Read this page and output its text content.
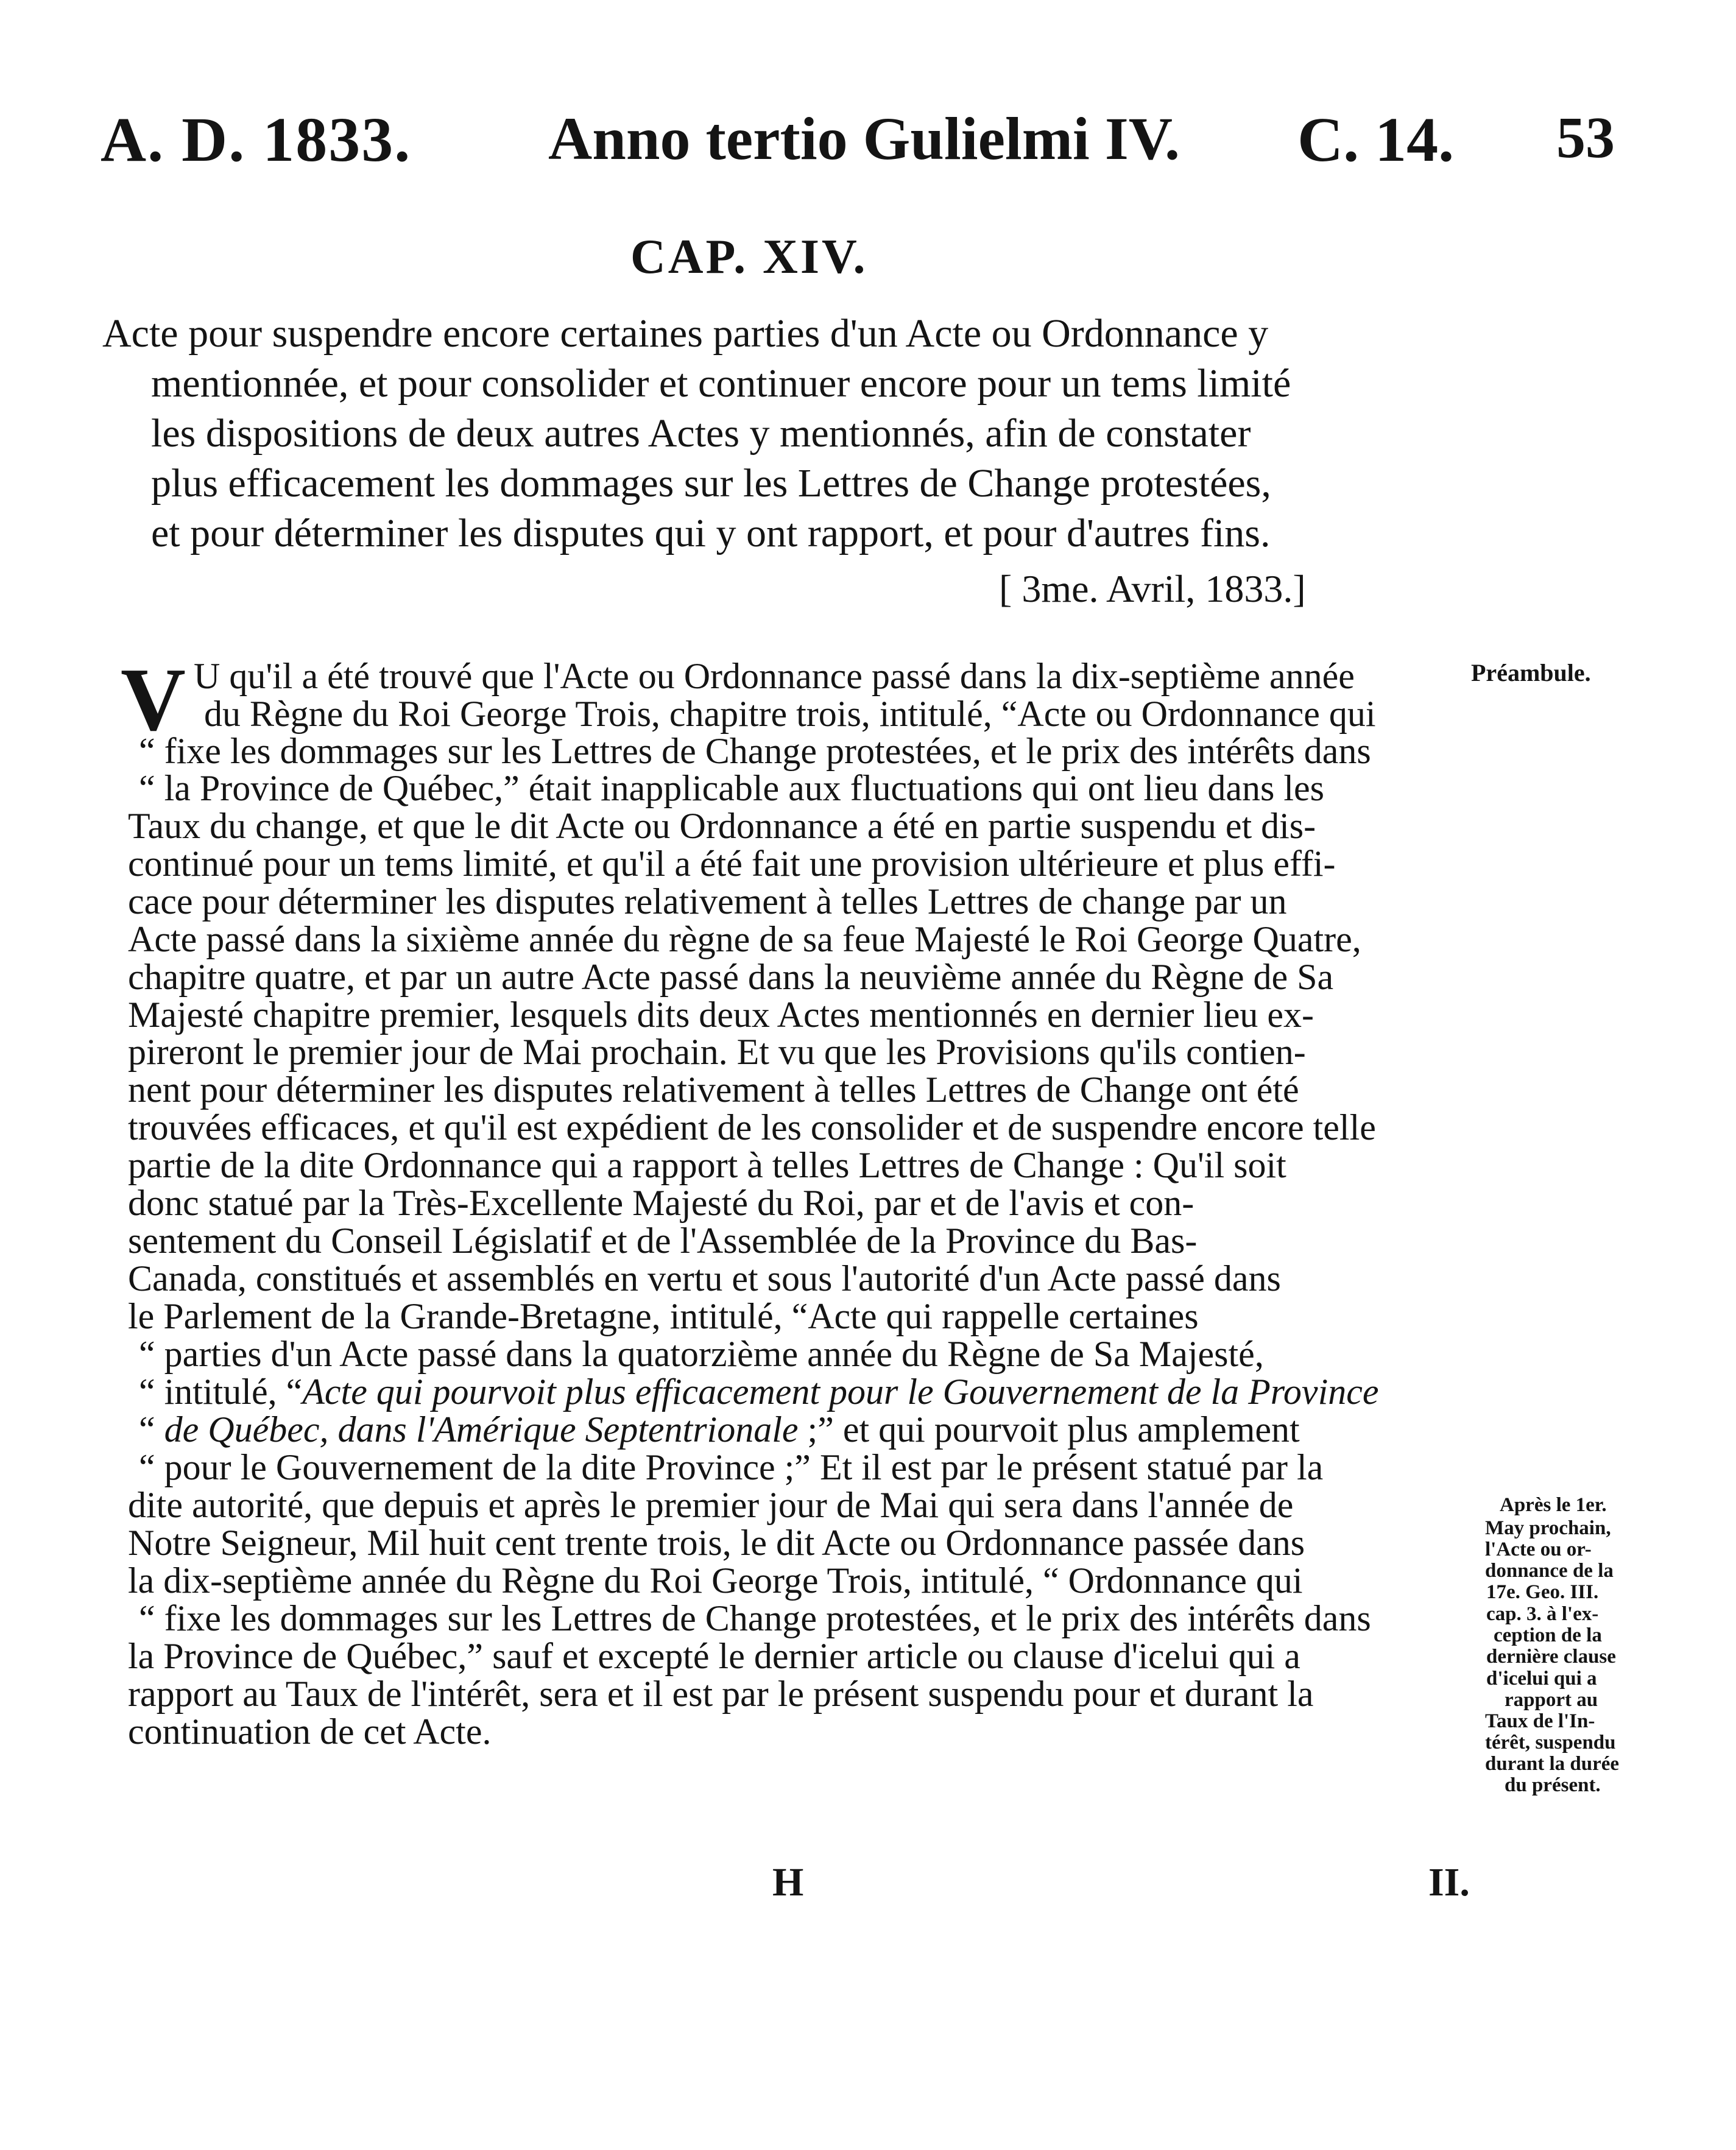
A. D. 1833. Anno tertio Gulielmi IV. C. 14. 53
CAP. XIV.
Acte pour suspendre encore certaines parties d'un Acte ou Ordonnance y
mentionnée, et pour consolider et continuer encore pour un tems limité
les dispositions de deux autres Actes y mentionnés, afin de constater
plus efficacement les dommages sur les Lettres de Change protestées,
et pour déterminer les disputes qui y ont rapport, et pour d'autres fins.
[ 3me. Avril, 1833.]
V U qu'il a été trouvé que l'Acte ou Ordonnance passé dans la dix-septième année
du Règne du Roi George Trois, chapitre trois, intitulé, “Acte ou Ordonnance qui
“ fixe les dommages sur les Lettres de Change protestées, et le prix des intérêts dans
“ la Province de Québec,” était inapplicable aux fluctuations qui ont lieu dans les
Taux du change, et que le dit Acte ou Ordonnance a été en partie suspendu et dis-
continué pour un tems limité, et qu'il a été fait une provision ultérieure et plus effi-
cace pour déterminer les disputes relativement à telles Lettres de change par un
Acte passé dans la sixième année du règne de sa feue Majesté le Roi George Quatre,
chapitre quatre, et par un autre Acte passé dans la neuvième année du Règne de Sa
Majesté chapitre premier, lesquels dits deux Actes mentionnés en dernier lieu ex-
pireront le premier jour de Mai prochain. Et vu que les Provisions qu'ils contien-
nent pour déterminer les disputes relativement à telles Lettres de Change ont été
trouvées efficaces, et qu'il est expédient de les consolider et de suspendre encore telle
partie de la dite Ordonnance qui a rapport à telles Lettres de Change : Qu'il soit
donc statué par la Très-Excellente Majesté du Roi, par et de l'avis et con-
sentement du Conseil Législatif et de l'Assemblée de la Province du Bas-
Canada, constitués et assemblés en vertu et sous l'autorité d'un Acte passé dans
le Parlement de la Grande-Bretagne, intitulé, “Acte qui rappelle certaines
“ parties d'un Acte passé dans la quatorzième année du Règne de Sa Majesté,
“ intitulé, “Acte qui pourvoit plus efficacement pour le Gouvernement de la Province
“ de Québec, dans l'Amérique Septentrionale ;” et qui pourvoit plus amplement
“ pour le Gouvernement de la dite Province ;” Et il est par le présent statué par la
dite autorité, que depuis et après le premier jour de Mai qui sera dans l'année de
Notre Seigneur, Mil huit cent trente trois, le dit Acte ou Ordonnance passée dans
la dix-septième année du Règne du Roi George Trois, intitulé, “ Ordonnance qui
“ fixe les dommages sur les Lettres de Change protestées, et le prix des intérêts dans
la Province de Québec,” sauf et excepté le dernier article ou clause d'icelui qui a
rapport au Taux de l'intérêt, sera et il est par le présent suspendu pour et durant la
continuation de cet Acte.
Préambule.
Après le 1er.
May prochain,
l'Acte ou or-
donnance de la
17e. Geo. III.
cap. 3. à l'ex-
ception de la
dernière clause
d'icelui qui a
rapport au
Taux de l'In-
térêt, suspendu
durant la durée
du présent.
H	II.
